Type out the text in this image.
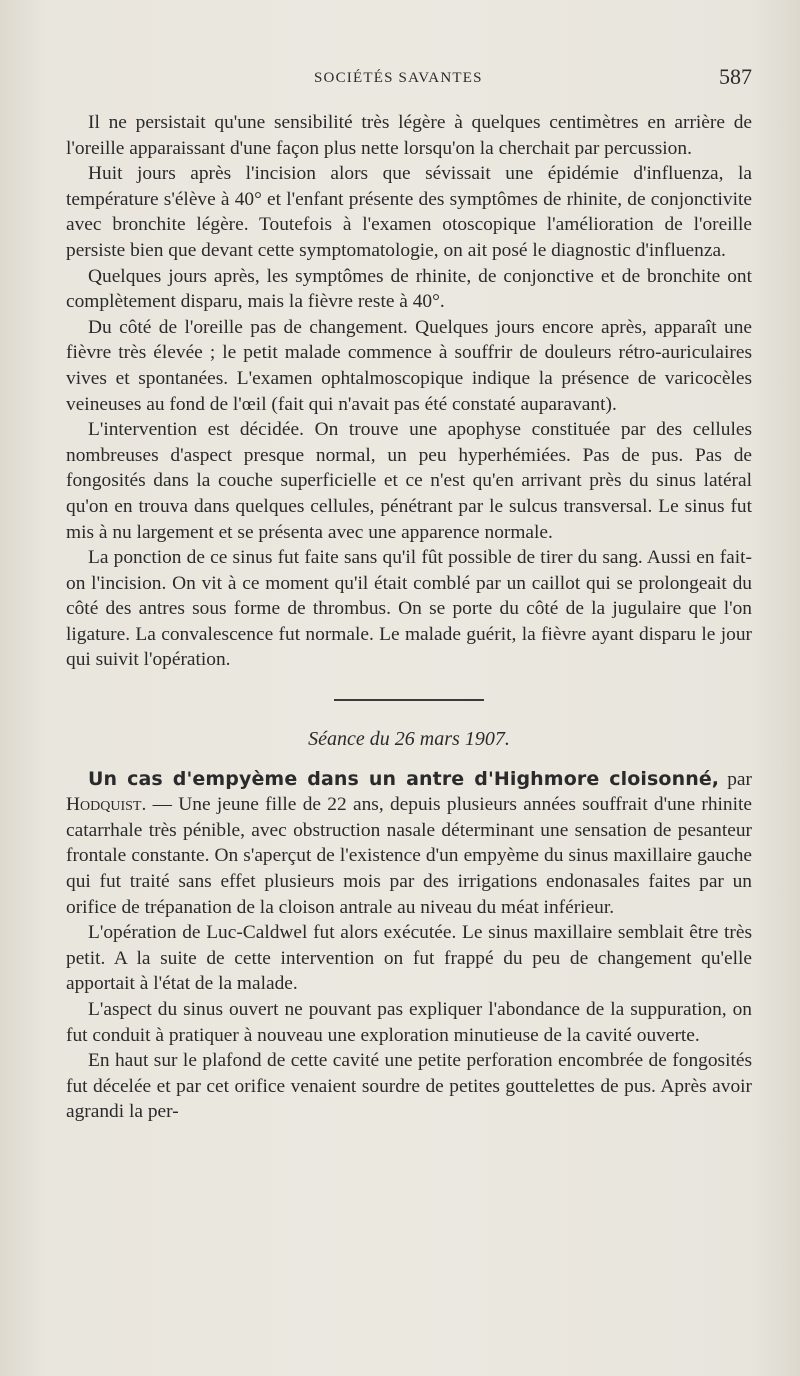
SOCIÉTÉS SAVANTES	587

Il ne persistait qu'une sensibilité très légère à quelques centimètres en arrière de l'oreille apparaissant d'une façon plus nette lorsqu'on la cherchait par percussion.

Huit jours après l'incision alors que sévissait une épidémie d'influenza, la température s'élève à 40° et l'enfant présente des symptômes de rhinite, de conjonctivite avec bronchite légère. Toutefois à l'examen otoscopique l'amélioration de l'oreille persiste bien que devant cette symptomatologie, on ait posé le diagnostic d'influenza.

Quelques jours après, les symptômes de rhinite, de conjonctive et de bronchite ont complètement disparu, mais la fièvre reste à 40°.

Du côté de l'oreille pas de changement. Quelques jours encore après, apparaît une fièvre très élevée ; le petit malade commence à souffrir de douleurs rétro-auriculaires vives et spontanées. L'examen ophtalmoscopique indique la présence de varicocèles veineuses au fond de l'œil (fait qui n'avait pas été constaté auparavant).

L'intervention est décidée. On trouve une apophyse constituée par des cellules nombreuses d'aspect presque normal, un peu hyperhémiées. Pas de pus. Pas de fongosités dans la couche superficielle et ce n'est qu'en arrivant près du sinus latéral qu'on en trouva dans quelques cellules, pénétrant par le sulcus transversal. Le sinus fut mis à nu largement et se présenta avec une apparence normale.

La ponction de ce sinus fut faite sans qu'il fût possible de tirer du sang. Aussi en fait-on l'incision. On vit à ce moment qu'il était comblé par un caillot qui se prolongeait du côté des antres sous forme de thrombus. On se porte du côté de la jugulaire que l'on ligature. La convalescence fut normale. Le malade guérit, la fièvre ayant disparu le jour qui suivit l'opération.

Séance du 26 mars 1907.

Un cas d'empyème dans un antre d'Highmore cloisonné, par Hodquist. — Une jeune fille de 22 ans, depuis plusieurs années souffrait d'une rhinite catarrhale très pénible, avec obstruction nasale déterminant une sensation de pesanteur frontale constante. On s'aperçut de l'existence d'un empyème du sinus maxillaire gauche qui fut traité sans effet plusieurs mois par des irrigations endonasales faites par un orifice de trépanation de la cloison antrale au niveau du méat inférieur.

L'opération de Luc-Caldwel fut alors exécutée. Le sinus maxillaire semblait être très petit. A la suite de cette intervention on fut frappé du peu de changement qu'elle apportait à l'état de la malade.

L'aspect du sinus ouvert ne pouvant pas expliquer l'abondance de la suppuration, on fut conduit à pratiquer à nouveau une exploration minutieuse de la cavité ouverte.

En haut sur le plafond de cette cavité une petite perforation encombrée de fongosités fut décelée et par cet orifice venaient sourdre de petites gouttelettes de pus. Après avoir agrandi la per-
